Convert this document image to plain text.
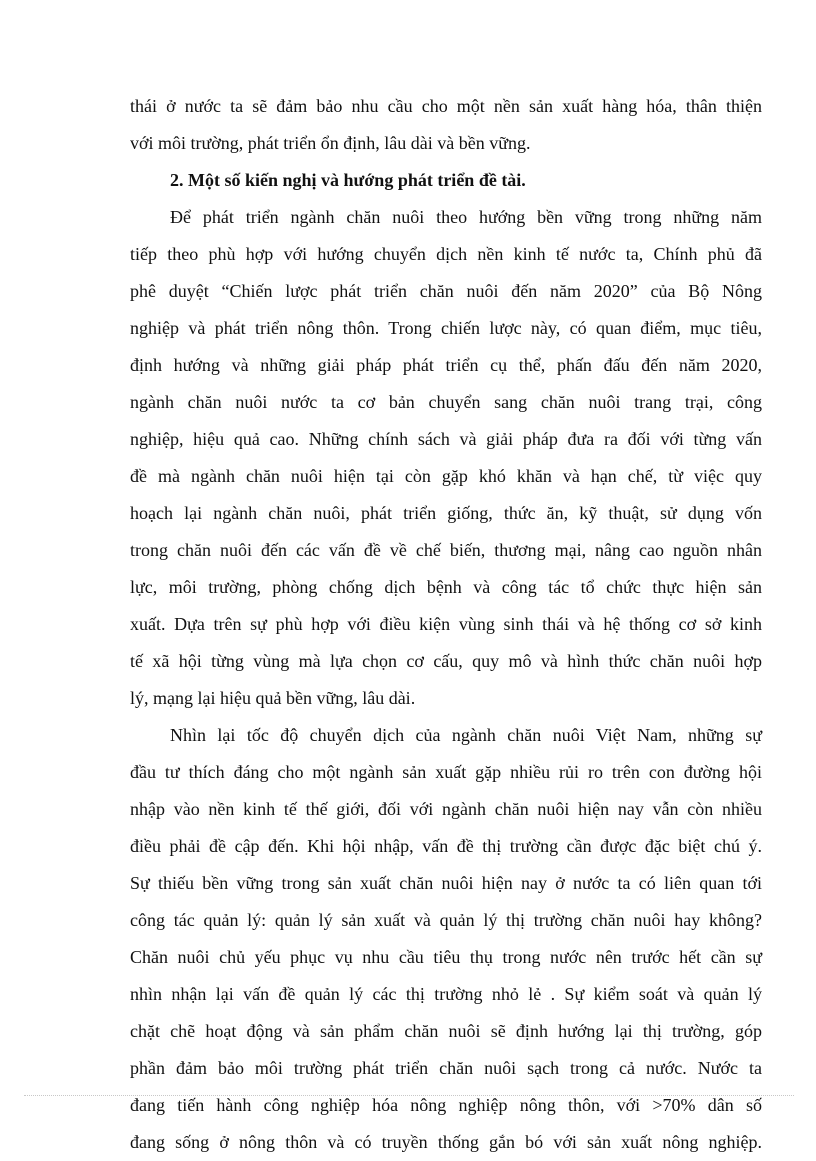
thái ở nước ta sẽ đảm bảo nhu cầu cho một nền sản xuất hàng hóa, thân thiện
với môi trường, phát triển ổn định, lâu dài và bền vững.
2. Một số kiến nghị và hướng phát triển đề tài.
Để phát triển ngành chăn nuôi theo hướng bền vững trong những năm
tiếp theo phù hợp với hướng chuyển dịch nền kinh tế nước ta, Chính phủ đã
phê duyệt “Chiến lược phát triển chăn nuôi đến năm 2020” của Bộ Nông
nghiệp và phát triển nông thôn. Trong chiến lược này, có quan điểm, mục tiêu,
định hướng và những giải pháp phát triển cụ thể, phấn đấu đến năm 2020,
ngành chăn nuôi nước ta cơ bản chuyển sang chăn nuôi trang trại, công
nghiệp, hiệu quả cao. Những chính sách và giải pháp đưa ra đối với từng vấn
đề mà ngành chăn nuôi hiện tại còn gặp khó khăn và hạn chế, từ việc quy
hoạch lại ngành chăn nuôi, phát triển giống, thức ăn, kỹ thuật, sử dụng vốn
trong chăn nuôi đến các vấn đề về chế biến, thương mại, nâng cao nguồn nhân
lực, môi trường, phòng chống dịch bệnh và công tác tổ chức thực hiện sản
xuất. Dựa trên sự phù hợp với điều kiện vùng sinh thái và hệ thống cơ sở kinh
tế xã hội từng vùng mà lựa chọn cơ cấu, quy mô và hình thức chăn nuôi hợp
lý, mạng lại hiệu quả bền vững, lâu dài.
Nhìn lại tốc độ chuyển dịch của ngành chăn nuôi Việt Nam, những sự
đầu tư thích đáng cho một ngành sản xuất gặp nhiều rủi ro trên con đường hội
nhập vào nền kinh tế thế giới, đối với ngành chăn nuôi hiện nay vẫn còn nhiều
điều phải đề cập đến. Khi hội nhập, vấn đề thị trường cần được đặc biệt chú ý.
Sự thiếu bền vững trong sản xuất chăn nuôi hiện nay ở nước ta có liên quan tới
công tác quản lý: quản lý sản xuất và quản lý thị trường chăn nuôi hay không?
Chăn nuôi chủ yếu phục vụ nhu cầu tiêu thụ trong nước nên trước hết cần sự
nhìn nhận lại vấn đề quản lý các thị trường nhỏ lẻ . Sự kiểm soát và quản lý
chặt chẽ hoạt động và sản phẩm chăn nuôi sẽ định hướng lại thị trường, góp
phần đảm bảo môi trường phát triển chăn nuôi sạch trong cả nước. Nước ta
đang tiến hành công nghiệp hóa nông nghiệp nông thôn, với >70% dân số
đang sống ở nông thôn và có truyền thống gắn bó với sản xuất nông nghiệp.
